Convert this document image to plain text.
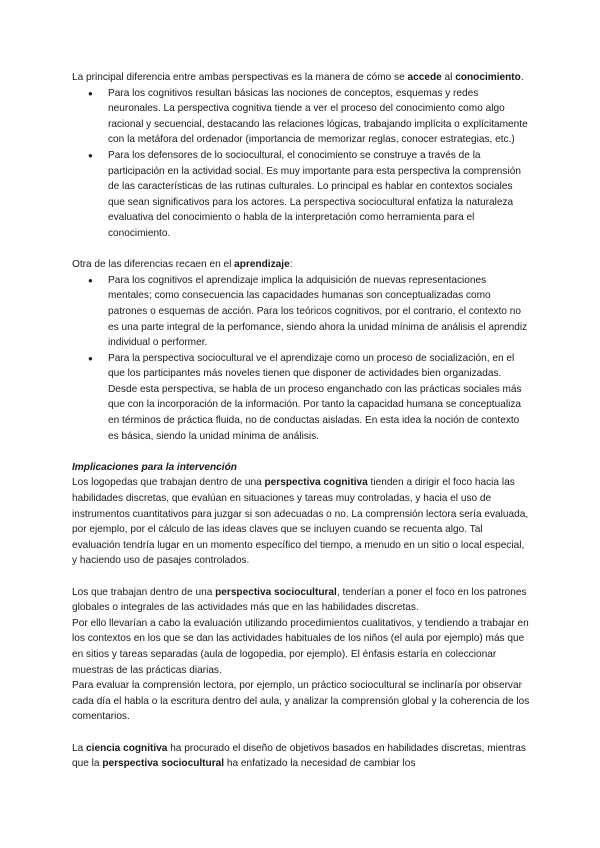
La principal diferencia entre ambas perspectivas es la manera de cómo se accede al conocimiento.

● Para los cognitivos resultan básicas las nociones de conceptos, esquemas y redes neuronales. La perspectiva cognitiva tiende a ver el proceso del conocimiento como algo racional y secuencial, destacando las relaciones lógicas, trabajando implícita o explícitamente con la metáfora del ordenador (importancia de memorizar reglas, conocer estrategias, etc.)
● Para los defensores de lo sociocultural, el conocimiento se construye a través de la participación en la actividad social. Es muy importante para esta perspectiva la comprensión de las características de las rutinas culturales. Lo principal es hablar en contextos sociales que sean significativos para los actores. La perspectiva sociocultural enfatiza la naturaleza evaluativa del conocimiento o habla de la interpretación como herramienta para el conocimiento.

Otra de las diferencias recaen en el aprendizaje:

● Para los cognitivos el aprendizaje implica la adquisición de nuevas representaciones mentales; como consecuencia las capacidades humanas son conceptualizadas como patrones o esquemas de acción. Para los teóricos cognitivos, por el contrario, el contexto no es una parte integral de la perfomance, siendo ahora la unidad mínima de análisis el aprendiz individual o performer.
● Para la perspectiva sociocultural ve el aprendizaje como un proceso de socialización, en el que los participantes más noveles tienen que disponer de actividades bien organizadas. Desde esta perspectiva, se habla de un proceso enganchado con las prácticas sociales más que con la incorporación de la información. Por tanto la capacidad humana se conceptualiza en términos de práctica fluida, no de conductas aisladas. En esta idea la noción de contexto es básica, siendo la unidad mínima de análisis.

Implicaciones para la intervención

Los logopedas que trabajan dentro de una perspectiva cognitiva tienden a dirigir el foco hacia las habilidades discretas, que evalúan en situaciones y tareas muy controladas, y hacia el uso de instrumentos cuantitativos para juzgar si son adecuadas o no. La comprensión lectora sería evaluada, por ejemplo, por el cálculo de las ideas claves que se incluyen cuando se recuenta algo. Tal evaluación tendría lugar en un momento específico del tiempo, a menudo en un sitio o local especial, y haciendo uso de pasajes controlados.

Los que trabajan dentro de una perspectiva sociocultural, tenderían a poner el foco en los patrones globales o integrales de las actividades más que en las habilidades discretas.

Por ello llevarían a cabo la evaluación utilizando procedimientos cualitativos, y tendiendo a trabajar en los contextos en los que se dan las actividades habituales de los niños (el aula por ejemplo) más que en sitios y tareas separadas (aula de logopedia, por ejemplo). El énfasis estaría en coleccionar muestras de las prácticas diarias.

Para evaluar la comprensión lectora, por ejemplo, un práctico sociocultural se inclinaría por observar cada día el habla o la escritura dentro del aula, y analizar la comprensión global y la coherencia de los comentarios.

La ciencia cognitiva ha procurado el diseño de objetivos basados en habilidades discretas, mientras que la perspectiva sociocultural ha enfatizado la necesidad de cambiar los
